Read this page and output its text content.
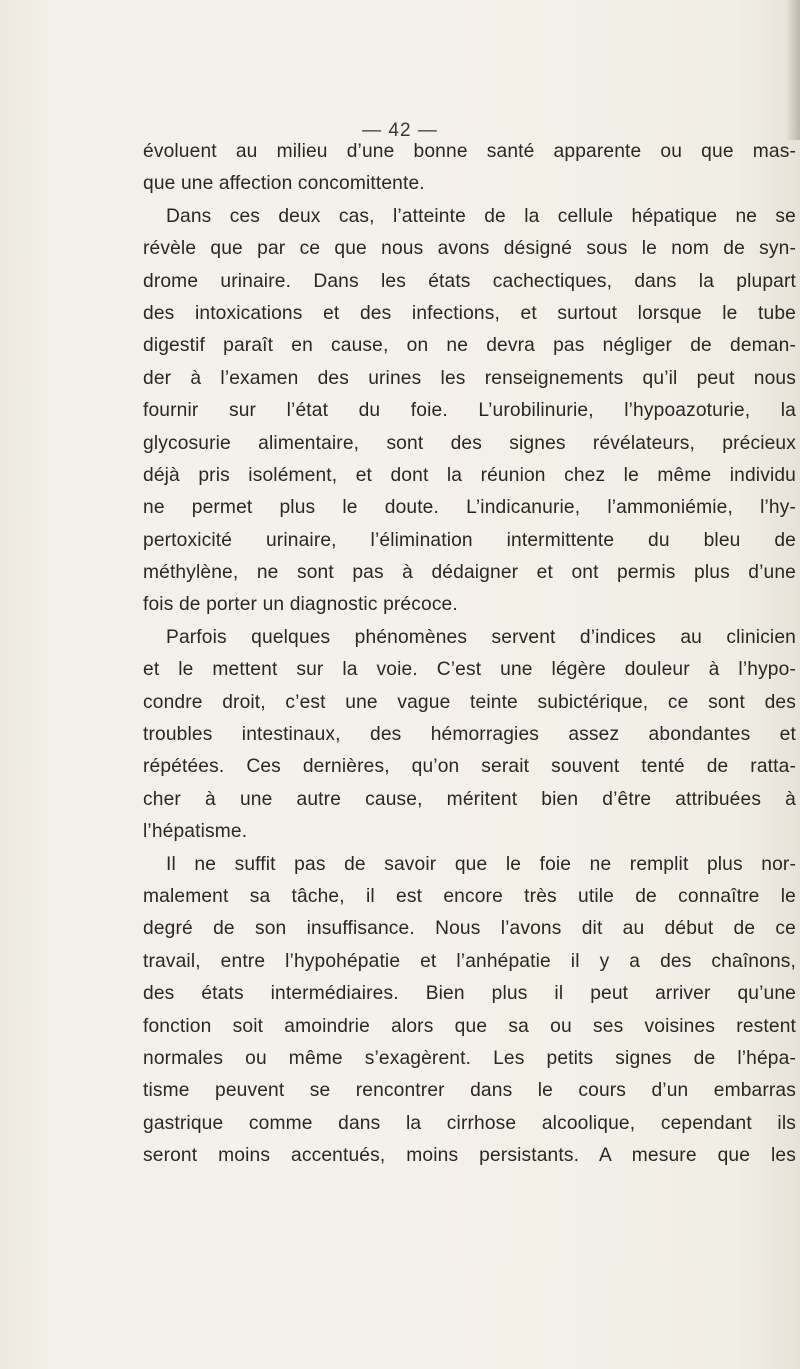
— 42 —
évoluent au milieu d’une bonne santé apparente ou que mas-
que une affection concomittente.
Dans ces deux cas, l’atteinte de la cellule hépatique ne se
révèle que par ce que nous avons désigné sous le nom de syn-
drome urinaire. Dans les états cachectiques, dans la plupart
des intoxications et des infections, et surtout lorsque le tube
digestif paraît en cause, on ne devra pas négliger de deman-
der à l’examen des urines les renseignements qu’il peut nous
fournir sur l’état du foie. L’urobilinurie, l’hypoazoturie, la
glycosurie alimentaire, sont des signes révélateurs, précieux
déjà pris isolément, et dont la réunion chez le même individu
ne permet plus le doute. L’indicanurie, l’ammoniémie, l’hy-
pertoxicité urinaire, l’élimination intermittente du bleu de
méthylène, ne sont pas à dédaigner et ont permis plus d’une
fois de porter un diagnostic précoce.
Parfois quelques phénomènes servent d’indices au clinicien
et le mettent sur la voie. C’est une légère douleur à l’hypo-
condre droit, c’est une vague teinte subictérique, ce sont des
troubles intestinaux, des hémorragies assez abondantes et
répétées. Ces dernières, qu’on serait souvent tenté de ratta-
cher à une autre cause, méritent bien d’être attribuées à
l’hépatisme.
Il ne suffit pas de savoir que le foie ne remplit plus nor-
malement sa tâche, il est encore très utile de connaître le
degré de son insuffisance. Nous l’avons dit au début de ce
travail, entre l’hypohépatie et l’anhépatie il y a des chaînons,
des états intermédiaires. Bien plus il peut arriver qu’une
fonction soit amoindrie alors que sa ou ses voisines restent
normales ou même s’exagèrent. Les petits signes de l’hépa-
tisme peuvent se rencontrer dans le cours d’un embarras
gastrique comme dans la cirrhose alcoolique, cependant ils
seront moins accentués, moins persistants. A mesure que les
